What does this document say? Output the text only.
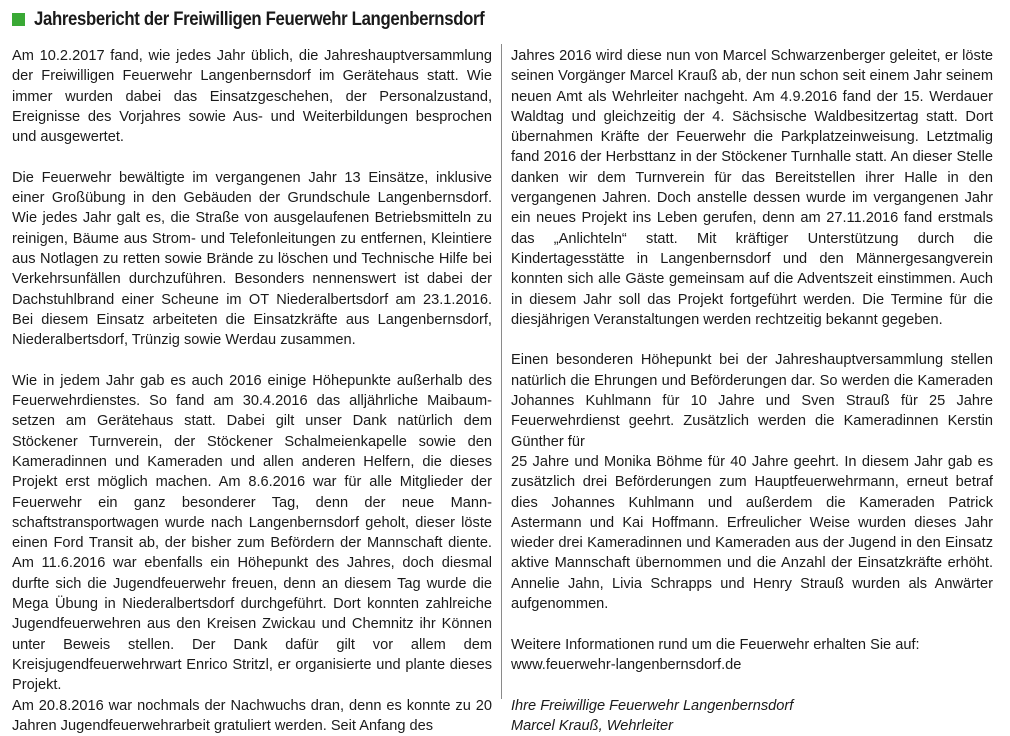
Jahresbericht der Freiwilligen Feuerwehr Langenbernsdorf

Am 10.2.2017 fand, wie jedes Jahr üblich, die Jahreshauptversammlung der Freiwilligen Feuerwehr Langenbernsdorf im Gerätehaus statt. Wie immer wurden dabei das Einsatzgeschehen, der Personalzustand, Ereignisse des Vorjahres sowie Aus- und Weiterbildungen besprochen und ausgewertet.

Die Feuerwehr bewältigte im vergangenen Jahr 13 Einsätze, inklusive einer Großübung in den Gebäuden der Grundschule Langenbernsdorf. Wie jedes Jahr galt es, die Straße von ausgelaufenen Betriebsmitteln zu reinigen, Bäume aus Strom- und Telefonleitungen zu entfernen, Kleintiere aus Notlagen zu retten sowie Brände zu löschen und Technische Hilfe bei Verkehrsunfällen durchzuführen. Besonders nennenswert ist dabei der Dachstuhlbrand einer Scheune im OT Niederalbertsdorf am 23.1.2016. Bei diesem Einsatz arbeiteten die Einsatzkräfte aus Langenbernsdorf, Niederalbertsdorf, Trünzig sowie Werdau zusammen.

Wie in jedem Jahr gab es auch 2016 einige Höhepunkte außerhalb des Feuerwehrdienstes. So fand am 30.4.2016 das alljährliche Maibaumsetzen am Gerätehaus statt. Dabei gilt unser Dank natürlich dem Stöckener Turnverein, der Stöckener Schalmeienkapelle sowie den Kameradinnen und Kameraden und allen anderen Helfern, die dieses Projekt erst möglich machen. Am 8.6.2016 war für alle Mitglieder der Feuerwehr ein ganz besonderer Tag, denn der neue Mannschaftstransportwagen wurde nach Langenbernsdorf geholt, dieser löste einen Ford Transit ab, der bisher zum Befördern der Mannschaft diente. Am 11.6.2016 war ebenfalls ein Höhepunkt des Jahres, doch diesmal durfte sich die Jugendfeuerwehr freuen, denn an diesem Tag wurde die Mega Übung in Niederalbertsdorf durchgeführt. Dort konnten zahlreiche Jugendfeuerwehren aus den Kreisen Zwickau und Chemnitz ihr Können unter Beweis stellen. Der Dank dafür gilt vor allem dem Kreisjugendfeuerwehrwart Enrico Stritzl, er organisierte und plante dieses Projekt.

Am 20.8.2016 war nochmals der Nachwuchs dran, denn es konnte zu 20 Jahren Jugendfeuerwehrarbeit gratuliert werden. Seit Anfang des

Jahres 2016 wird diese nun von Marcel Schwarzenberger geleitet, er löste seinen Vorgänger Marcel Krauß ab, der nun schon seit einem Jahr seinem neuen Amt als Wehrleiter nachgeht. Am 4.9.2016 fand der 15. Werdauer Waldtag und gleichzeitig der 4. Sächsische Waldbesitzertag statt. Dort übernahmen Kräfte der Feuerwehr die Parkplatzeinweisung. Letztmalig fand 2016 der Herbsttanz in der Stöckener Turnhalle statt. An dieser Stelle danken wir dem Turnverein für das Bereitstellen ihrer Halle in den vergangenen Jahren. Doch anstelle dessen wurde im vergangenen Jahr ein neues Projekt ins Leben gerufen, denn am 27.11.2016 fand erstmals das „Anlichteln“ statt. Mit kräftiger Unterstützung durch die Kindertagesstätte in Langenbernsdorf und den Männergesangverein konnten sich alle Gäste gemeinsam auf die Adventszeit einstimmen. Auch in diesem Jahr soll das Projekt fortgeführt werden. Die Termine für die diesjährigen Veranstaltungen werden rechtzeitig bekannt gegeben.

Einen besonderen Höhepunkt bei der Jahreshauptversammlung stellen natürlich die Ehrungen und Beförderungen dar. So werden die Kameraden Johannes Kuhlmann für 10 Jahre und Sven Strauß für 25 Jahre Feuerwehrdienst geehrt. Zusätzlich werden die Kameradinnen Kerstin Günther für

25 Jahre und Monika Böhme für 40 Jahre geehrt. In diesem Jahr gab es zusätzlich drei Beförderungen zum Hauptfeuerwehrmann, erneut betraf dies Johannes Kuhlmann und außerdem die Kameraden Patrick Astermann und Kai Hoffmann. Erfreulicher Weise wurden dieses Jahr wieder drei Kameradinnen und Kameraden aus der Jugend in den Einsatz aktive Mannschaft übernommen und die Anzahl der Einsatzkräfte erhöht. Annelie Jahn, Livia Schrapps und Henry Strauß wurden als Anwärter aufgenommen.

Weitere Informationen rund um die Feuerwehr erhalten Sie auf:

www.feuerwehr-langenbernsdorf.de

Ihre Freiwillige Feuerwehr Langenbernsdorf

Marcel Krauß, Wehrleiter
